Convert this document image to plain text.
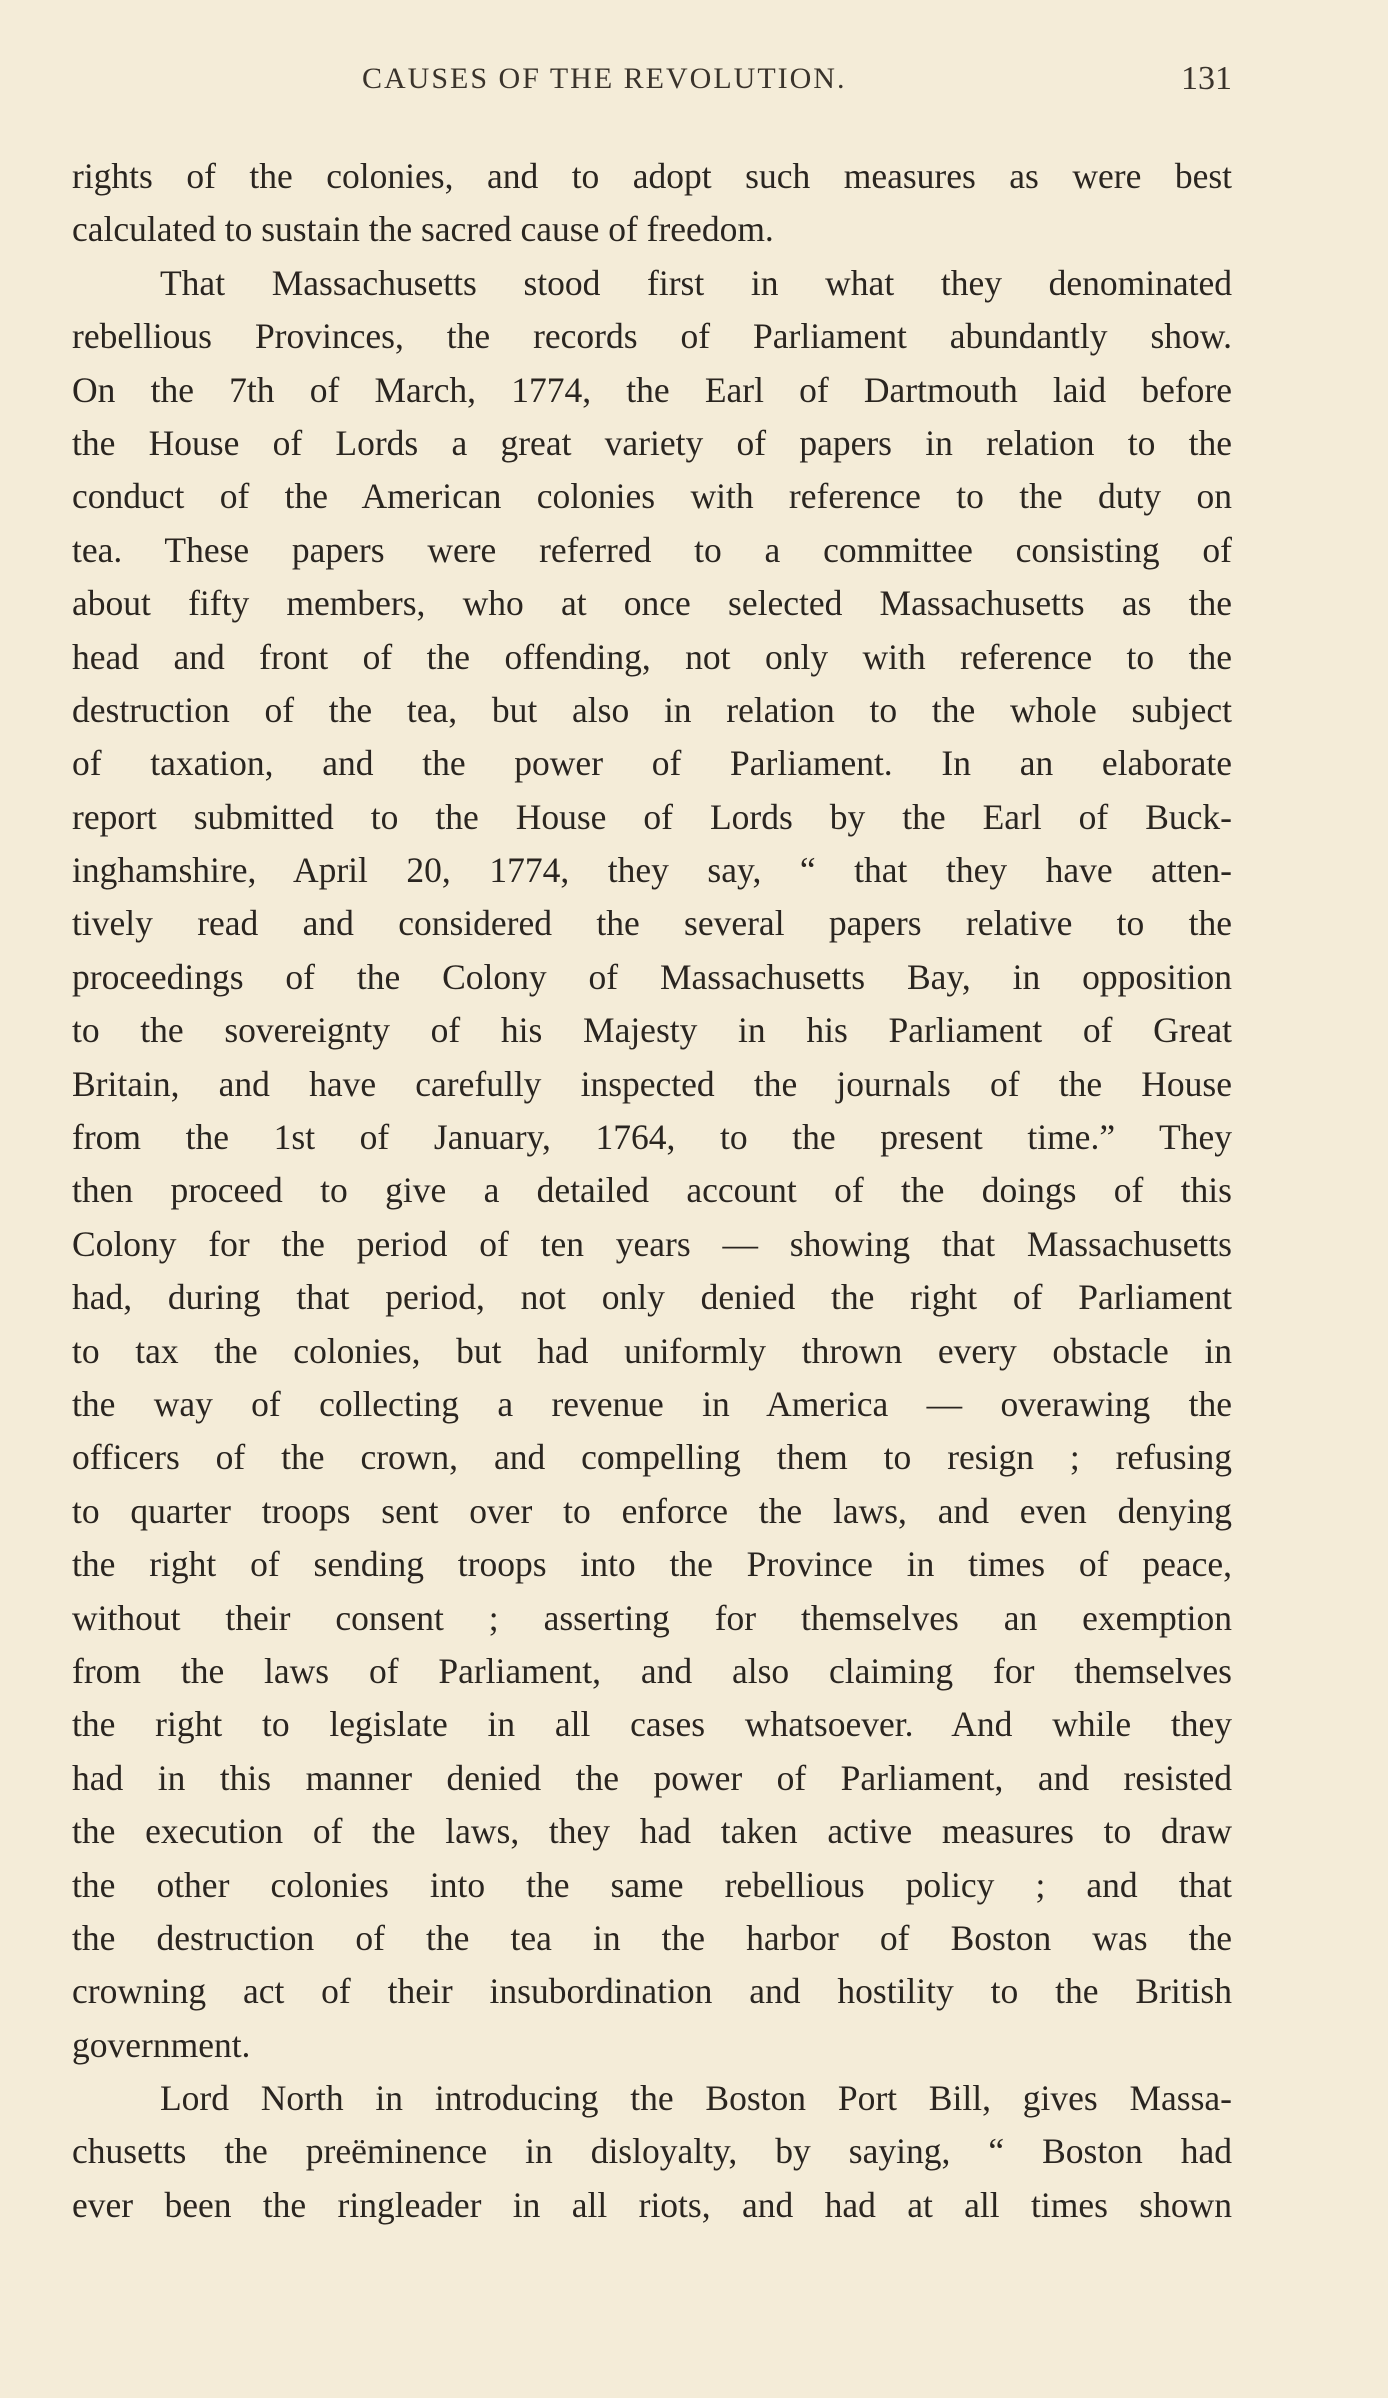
CAUSES OF THE REVOLUTION.	131
rights of the colonies, and to adopt such measures as were best
calculated to sustain the sacred cause of freedom.
That Massachusetts stood first in what they denominated
rebellious Provinces, the records of Parliament abundantly show.
On the 7th of March, 1774, the Earl of Dartmouth laid before
the House of Lords a great variety of papers in relation to the
conduct of the American colonies with reference to the duty on
tea. These papers were referred to a committee consisting of
about fifty members, who at once selected Massachusetts as the
head and front of the offending, not only with reference to the
destruction of the tea, but also in relation to the whole subject
of taxation, and the power of Parliament. In an elaborate
report submitted to the House of Lords by the Earl of Buck-
inghamshire, April 20, 1774, they say, “ that they have atten-
tively read and considered the several papers relative to the
proceedings of the Colony of Massachusetts Bay, in opposition
to the sovereignty of his Majesty in his Parliament of Great
Britain, and have carefully inspected the journals of the House
from the 1st of January, 1764, to the present time.” They
then proceed to give a detailed account of the doings of this
Colony for the period of ten years — showing that Massachusetts
had, during that period, not only denied the right of Parliament
to tax the colonies, but had uniformly thrown every obstacle in
the way of collecting a revenue in America — overawing the
officers of the crown, and compelling them to resign ; refusing
to quarter troops sent over to enforce the laws, and even denying
the right of sending troops into the Province in times of peace,
without their consent ; asserting for themselves an exemption
from the laws of Parliament, and also claiming for themselves
the right to legislate in all cases whatsoever. And while they
had in this manner denied the power of Parliament, and resisted
the execution of the laws, they had taken active measures to draw
the other colonies into the same rebellious policy ; and that
the destruction of the tea in the harbor of Boston was the
crowning act of their insubordination and hostility to the British
government.
Lord North in introducing the Boston Port Bill, gives Massa-
chusetts the preëminence in disloyalty, by saying, “ Boston had
ever been the ringleader in all riots, and had at all times shown
